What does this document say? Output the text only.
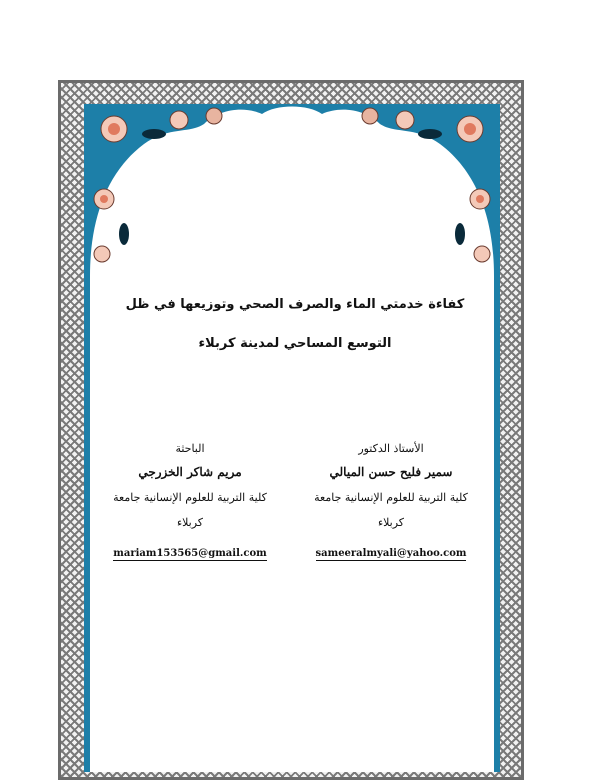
كفاءة خدمتي الماء والصرف الصحي وتوزيعها في ظل
التوسع المساحي لمدينة كربلاء
الأستاذ الدكتور
سمير فليح حسن الميالي
كلية التربية للعلوم الإنسانية جامعة
كربلاء
sameeralmyali@yahoo.com
الباحثة
مريم شاكر الخزرجي
كلية التربية للعلوم الإنسانية جامعة
كربلاء
mariam153565@gmail.com
